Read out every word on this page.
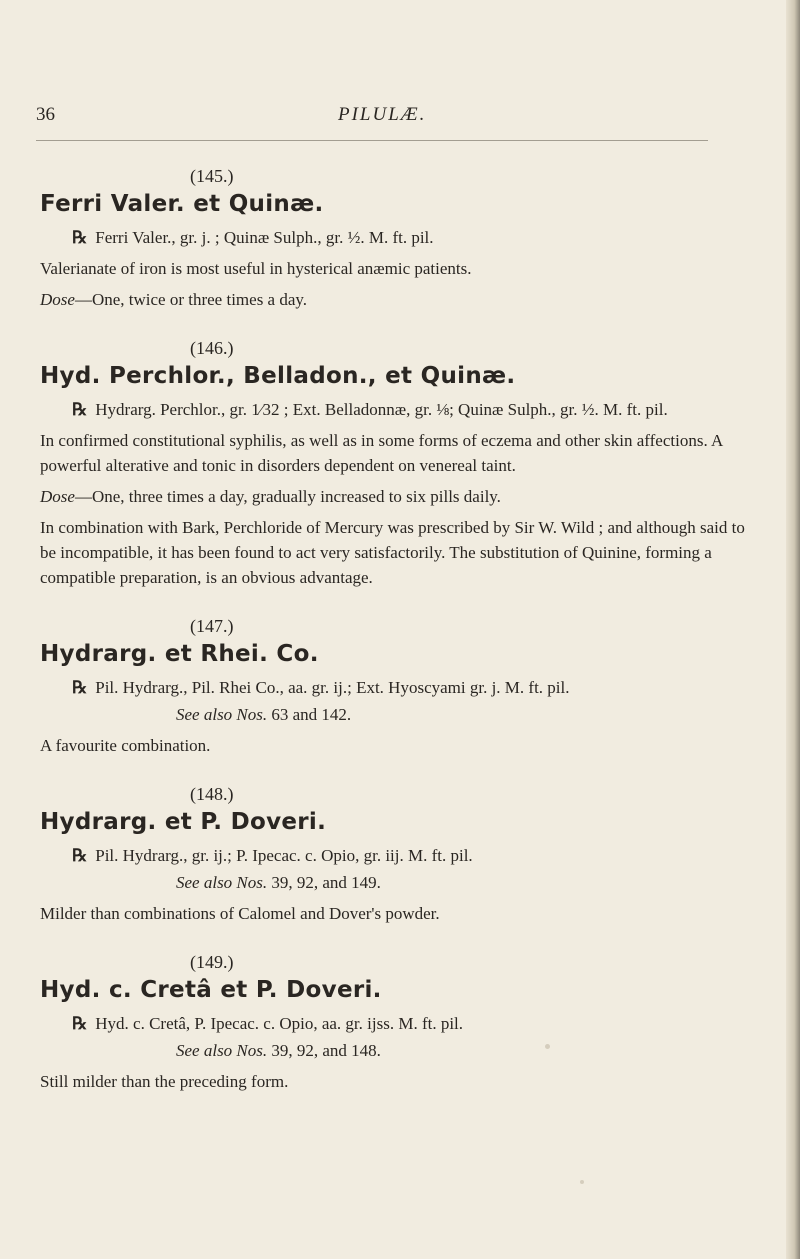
36	PILULÆ.
(145.)
Ferri Valer. et Quinæ.
℞ Ferri Valer., gr. j. ; Quinæ Sulph., gr. ½. M. ft. pil.

Valerianate of iron is most useful in hysterical anæmic patients.

Dose—One, twice or three times a day.

(146.)
Hyd. Perchlor., Belladon., et Quinæ.
℞ Hydrarg. Perchlor., gr. 1⁄32 ; Ext. Belladonnæ, gr. ⅛; Quinæ Sulph., gr. ½. M. ft. pil.

In confirmed constitutional syphilis, as well as in some forms of eczema and other skin affections. A powerful alterative and tonic in disorders dependent on venereal taint.

Dose—One, three times a day, gradually increased to six pills daily.

In combination with Bark, Perchloride of Mercury was prescribed by Sir W. Wild ; and although said to be incompatible, it has been found to act very satisfactorily. The substitution of Quinine, forming a compatible preparation, is an obvious advantage.

(147.)
Hydrarg. et Rhei. Co.
℞ Pil. Hydrarg., Pil. Rhei Co., aa. gr. ij.; Ext. Hyoscyami gr. j. M. ft. pil.

See also Nos. 63 and 142.

A favourite combination.

(148.)
Hydrarg. et P. Doveri.
℞ Pil. Hydrarg., gr. ij.; P. Ipecac. c. Opio, gr. iij. M. ft. pil.

See also Nos. 39, 92, and 149.

Milder than combinations of Calomel and Dover's powder.

(149.)
Hyd. c. Cretâ et P. Doveri.
℞ Hyd. c. Cretâ, P. Ipecac. c. Opio, aa. gr. ijss. M. ft. pil.

See also Nos. 39, 92, and 148.

Still milder than the preceding form.
